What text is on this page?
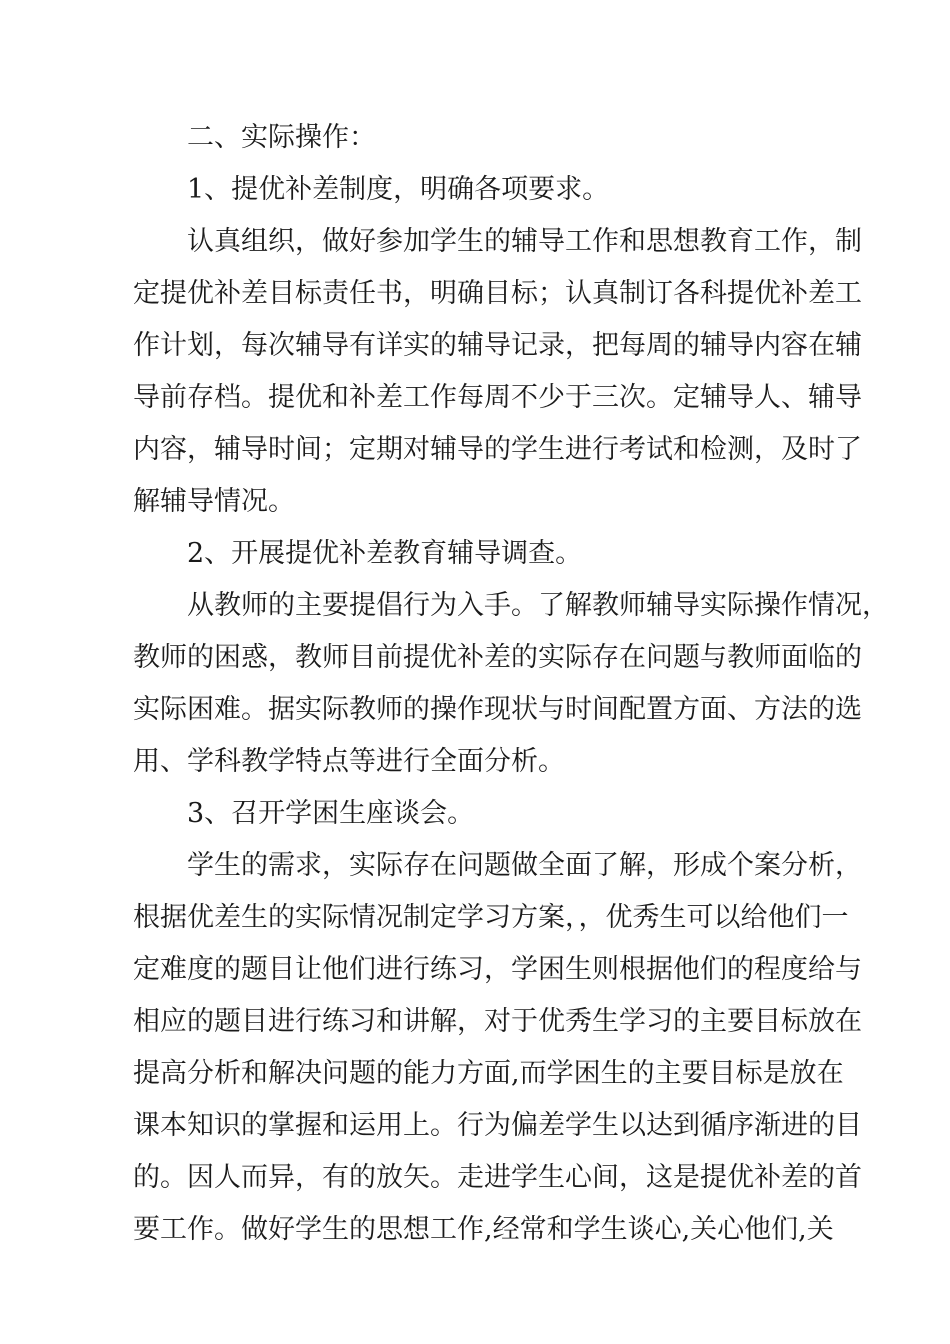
二、实际操作：
1、提优补差制度，明确各项要求。
认真组织，做好参加学生的辅导工作和思想教育工作，制
定提优补差目标责任书，明确目标；认真制订各科提优补差工
作计划，每次辅导有详实的辅导记录，把每周的辅导内容在辅
导前存档。提优和补差工作每周不少于三次。定辅导人、辅导
内容，辅导时间；定期对辅导的学生进行考试和检测，及时了
解辅导情况。
2、开展提优补差教育辅导调查。
从教师的主要提倡行为入手。了解教师辅导实际操作情况，
教师的困惑，教师目前提优补差的实际存在问题与教师面临的
实际困难。据实际教师的操作现状与时间配置方面、方法的选
用、学科教学特点等进行全面分析。
3、召开学困生座谈会。
学生的需求，实际存在问题做全面了解，形成个案分析，
根据优差生的实际情况制定学习方案，，优秀生可以给他们一
定难度的题目让他们进行练习，学困生则根据他们的程度给与
相应的题目进行练习和讲解，对于优秀生学习的主要目标放在
提高分析和解决问题的能力方面,而学困生的主要目标是放在
课本知识的掌握和运用上。行为偏差学生以达到循序渐进的目
的。因人而异，有的放矢。走进学生心间，这是提优补差的首
要工作。做好学生的思想工作,经常和学生谈心,关心他们,关
